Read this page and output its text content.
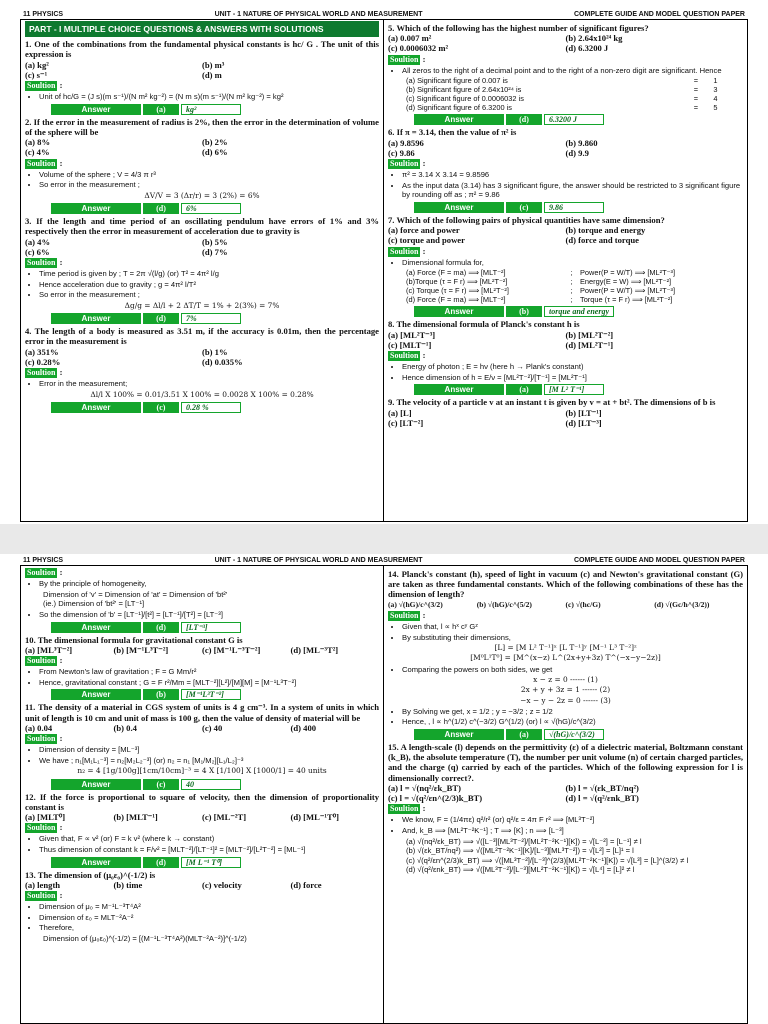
11 PHYSICS	UNIT - 1 NATURE OF PHYSICAL WORLD AND MEASUREMENT	COMPLETE GUIDE AND MODEL QUESTION PAPER
PART - I MULTIPLE CHOICE QUESTIONS & ANSWERS WITH SOLUTIONS
1. One of the combinations from the fundamental physical constants is hc/ G . The unit of this expression is
(a) kg²	(b) m³
(c) s⁻¹	(d) m
Soultion :
• Unit of hc/G = (J s)(m s⁻¹)/(N m² kg⁻²) = (N m s)(m s⁻¹)/(N m² kg⁻²) = kg²
Answer	(a)	kg²
2. If the error in the measurement of radius is 2%, then the error in the determination of volume of the sphere will be
(a) 8%	(b) 2%
(c) 4%	(d) 6%
Soultion :
• Volume of the sphere ; V = 4/3 π r³
• So error in the measurement ;
ΔV/V = 3 (Δr/r) = 3 (2%) = 6%
Answer	(d)	6%
3. If the length and time period of an oscillating pendulum have errors of 1% and 3% respectively then the error in measurement of acceleration due to gravity is
(a) 4%	(b) 5%
(c) 6%	(d) 7%
Soultion :
• Time period is given by ; T = 2π √(l/g) (or) T² = 4π² l/g
• Hence acceleration due to gravity ; g = 4π² l/T²
• So error in the measurement ;
Δg/g = Δl/l + 2 ΔT/T = 1% + 2(3%) = 7%
Answer	(d)	7%
4. The length of a body is measured as 3.51 m, if the accuracy is 0.01m, then the percentage error in the measurement is
(a) 351%	(b) 1%
(c) 0.28%	(d) 0.035%
Soultion :
• Error in the measurement;
Δl/l X 100% = 0.01/3.51 X 100% = 0.0028 X 100% = 0.28%
Answer	(c)	0.28 %
5. Which of the following has the highest number of significant figures?
(a) 0.007 m²	(b) 2.64x10²⁴ kg
(c) 0.0006032 m²	(d) 6.3200 J
Soultion :
• All zeros to the right of a decimal point and to the right of a non-zero digit are significant. Hence
(a) Significant figure of 0.007 is	=	1
(b) Significant figure of 2.64x10²⁴ is	=	3
(c) Significant figure of 0.0006032 is	=	4
(d) Significant figure of 6.3200 is	=	5
Answer	(d)	6.3200 J
6. If π = 3.14, then the value of π² is
(a) 9.8596	(b) 9.860
(c) 9.86	(d) 9.9
Soultion :
• π² = 3.14 X 3.14 = 9.8596
• As the input data (3.14) has 3 significant figure, the answer should be restricted to 3 significant figure by rounding off as ; π² = 9.86
Answer	(c)	9.86
7. Which of the following pairs of physical quantities have same dimension?
(a) force and power	(b) torque and energy
(c) torque and power	(d) force and torque
Soultion :
• Dimensional formula for,
(a) Force (F = ma) ⟹ [MLT⁻²]	;	Power(P = W/T) ⟹ [ML²T⁻³]
(b)Torque (τ = F r) ⟹ [ML²T⁻²]	;	Energy(E = W) ⟹ [ML²T⁻²]
(c) Torque (τ = F r) ⟹ [ML²T⁻²]	;	Power(P = W/T) ⟹ [ML²T⁻³]
(d) Force (F = ma) ⟹ [MLT⁻²]	;	Torque (τ = F r) ⟹ [ML²T⁻²]
Answer	(b)	torque and energy
8. The dimensional formula of Planck's constant h is
(a) [ML²T⁻³]	(b) [ML²T⁻²]
(c) [MLT⁻¹]	(d) [ML²T⁻¹]
Soultion :
• Energy of photon ; E = hν (here h → Plank's constant)
• Hence dimension of h = E/ν = [ML²T⁻²]/[T⁻¹] = [ML²T⁻¹]
Answer	(a)	[M L² T⁻¹]
9. The velocity of a particle v at an instant t is given by v = at + bt². The dimensions of b is
(a) [L]	(b) [LT⁻¹]
(c) [LT⁻²]	(d) [LT⁻³]
11 PHYSICS	UNIT - 1 NATURE OF PHYSICAL WORLD AND MEASUREMENT	COMPLETE GUIDE AND MODEL QUESTION PAPER
Soultion :
• By the principle of homogeneity,
Dimension of 'v' = Dimension of 'at' = Dimension of 'bt²'
(ie.) Dimension of 'bt²' = [LT⁻¹]
• So the dimension of 'b' = [LT⁻¹]/[t²] = [LT⁻¹]/[T²] = [LT⁻³]
Answer	(d)	[LT⁻³]
10. The dimensional formula for gravitational constant G is
(a) [ML³T⁻²]	(b) [M⁻¹L³T⁻²]	(c) [M⁻¹L⁻³T⁻²]	(d) [ML⁻³T²]
Soultion :
• From Newton's law of gravitation ; F = G Mm/r²
• Hence, gravitational constant ; G = F r²/Mm = [MLT⁻²][L²]/[M][M] = [M⁻¹L³T⁻²]
Answer	(b)	[M⁻¹L³T⁻²]
11. The density of a material in CGS system of units is 4 g cm⁻³. In a system of units in which unit of length is 10 cm and unit of mass is 100 g, then the value of density of material will be
(a) 0.04	(b) 0.4	(c) 40	(d) 400
Soultion :
• Dimension of density = [ML⁻³]
• We have ; n₁[M₁L₁⁻³] = n₂[M₂L₂⁻³] (or) n₂ = n₁ [M₁/M₂][L₁/L₂]⁻³
n₂ = 4 [1g/100g][1cm/10cm]⁻³ = 4 X [1/100] X [1000/1] = 40 units
Answer	(c)	40
12. If the force is proportional to square of velocity, then the dimension of proportionality constant is
(a) [MLT⁰]	(b) [MLT⁻¹]	(c) [ML⁻²T]	(d) [ML⁻¹T⁰]
Soultion :
• Given that, F ∝ v² (or) F = k v² (where k → constant)
• Thus dimension of constant k = F/v² = [MLT⁻²]/[LT⁻¹]² = [MLT⁻²]/[L²T⁻²] = [ML⁻¹]
Answer	(d)	[M L⁻¹ T⁰]
13. The dimension of (μ₀ε₀)^(-1/2) is
(a) length	(b) time	(c) velocity	(d) force
Soultion :
• Dimension of μ₀ = M⁻¹L⁻³T⁴A²
• Dimension of ε₀ = MLT⁻²A⁻²
• Therefore,
Dimension of (μ₀ε₀)^(-1/2) = [(M⁻¹L⁻³T⁴A²)(MLT⁻²A⁻²)]^(-1/2)
14. Planck's constant (h), speed of light in vacuum (c) and Newton's gravitational constant (G) are taken as three fundamental constants. Which of the following combinations of these has the dimension of length?
(a) √(hG)/c^(3/2)	(b) √(hG)/c^(5/2)	(c) √(hc/G)	(d) √(Gc/h^(3/2))
Soultion :
• Given that, l ∝ hˣ cʸ Gᶻ
• By substituting their dimensions,
[L] = [M L² T⁻¹]ˣ [L T⁻¹]ʸ [M⁻¹ L³ T⁻²]ᶻ
[M⁰L¹T⁰] = [M^(x−z) L^(2x+y+3z) T^(−x−y−2z)]
• Comparing the powers on both sides, we get
x − z = 0 ------ (1)
2x + y + 3z = 1 ------ (2)
−x − y − 2z = 0 ------ (3)
• By Solving we get, x = 1/2 ; y = −3/2 ; z = 1/2
• Hence, , l ∝ h^(1/2) c^(−3/2) G^(1/2) (or) l ∝ √(hG)/c^(3/2)
Answer	(a)	√(hG)/c^(3/2)
15. A length-scale (l) depends on the permittivity (ε) of a dielectric material, Boltzmann constant (k_B), the absolute temperature (T), the number per unit volume (n) of certain charged particles, and the charge (q) carried by each of the particles. Which of the following expression for l is dimensionally correct?.
(a) l = √(nq²/εk_BT)	(b) l = √(εk_BT/nq²)
(c) l = √(q²/εn^(2/3)k_BT)	(d) l = √(q²/εnk_BT)
Soultion :
• We know, F = (1/4πε) q²/r² (or) q²/ε = 4π F r² ⟹ [ML³T⁻²]
• And, k_B ⟹ [ML²T⁻²K⁻¹] ; T ⟹ [K] ; n ⟹ [L⁻³]
(a) √(nq²/εk_BT) ⟹ √([L⁻³][ML³T⁻²]/[ML²T⁻²K⁻¹][K]) = √[L⁻²] = [L⁻¹] ≠ l
(b) √(εk_BT/nq²) ⟹ √([ML²T⁻²K⁻¹][K]/[L⁻³][ML³T⁻²]) = √[L²] = [L]¹ = l
(c) √(q²/εn^(2/3)k_BT) ⟹ √([ML³T⁻²]/[L⁻³]^(2/3)[ML²T⁻²K⁻¹][K]) = √[L³] = [L]^(3/2) ≠ l
(d) √(q²/εnk_BT) ⟹ √([ML³T⁻²]/[L⁻³][ML²T⁻²K⁻¹][K]) = √[L⁴] = [L]² ≠ l
